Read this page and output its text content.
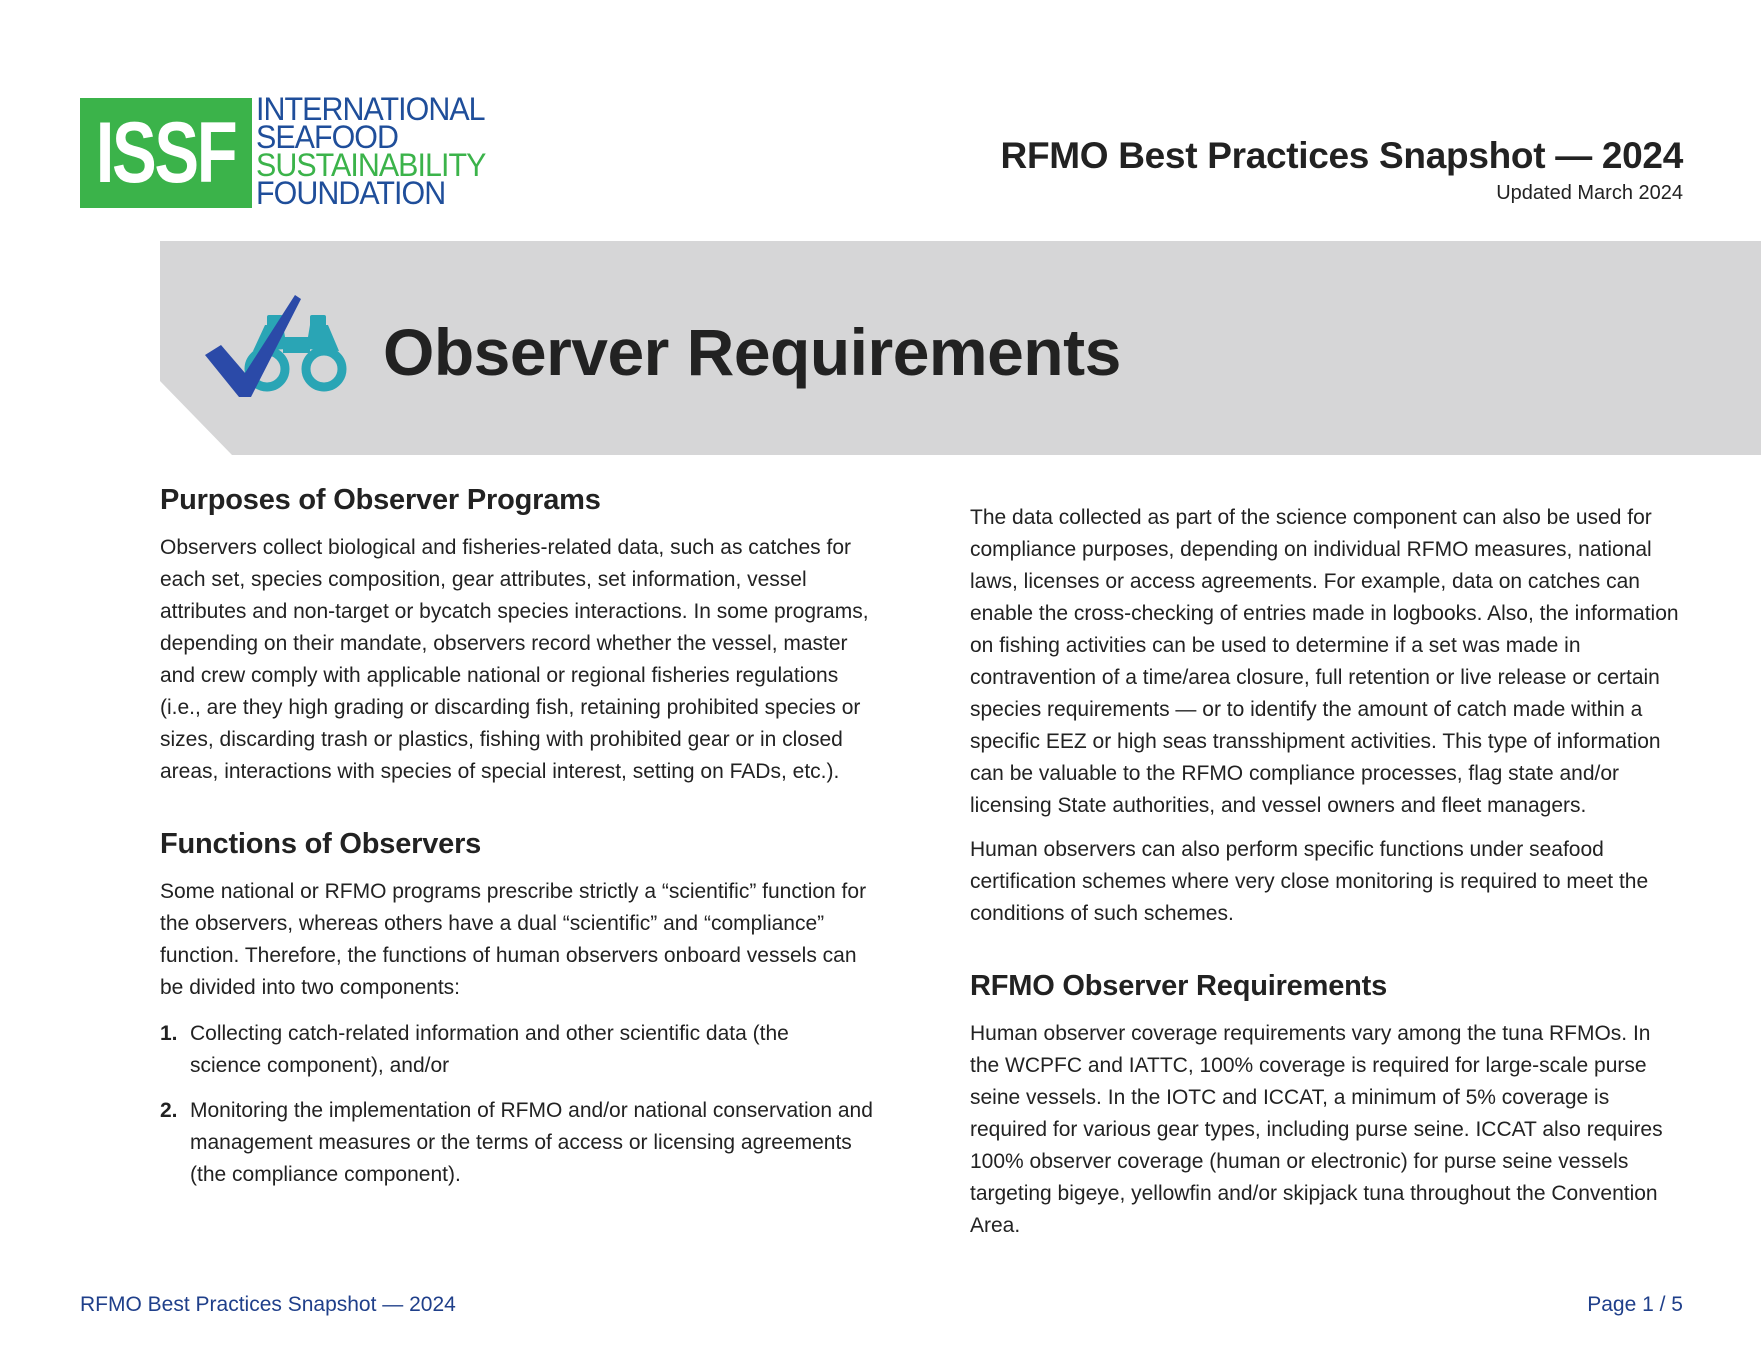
ISSF INTERNATIONAL
SEAFOOD
SUSTAINABILITY
FOUNDATION
RFMO Best Practices Snapshot — 2024
Updated March 2024
Observer Requirements
Purposes of Observer Programs

Observers collect biological and fisheries-related data, such as catches for each set, species composition, gear attributes, set information, vessel attributes and non-target or bycatch species interactions. In some programs, depending on their mandate, observers record whether the vessel, master and crew comply with applicable national or regional fisheries regulations (i.e., are they high grading or discarding fish, retaining prohibited species or sizes, discarding trash or plastics, fishing with prohibited gear or in closed areas, interactions with species of special interest, setting on FADs, etc.).

Functions of Observers

Some national or RFMO programs prescribe strictly a “scientific” function for the observers, whereas others have a dual “scientific” and “compliance” function. Therefore, the functions of human observers onboard vessels can be divided into two components:

1. Collecting catch-related information and other scientific data (the science component), and/or
2. Monitoring the implementation of RFMO and/or national conservation and management measures or the terms of access or licensing agreements (the compliance component).

The data collected as part of the science component can also be used for compliance purposes, depending on individual RFMO measures, national laws, licenses or access agreements. For example, data on catches can enable the cross-checking of entries made in logbooks. Also, the information on fishing activities can be used to determine if a set was made in contravention of a time/area closure, full retention or live release or certain species requirements — or to identify the amount of catch made within a specific EEZ or high seas transshipment activities. This type of information can be valuable to the RFMO compliance processes, flag state and/or licensing State authorities, and vessel owners and fleet managers.

Human observers can also perform specific functions under seafood certification schemes where very close monitoring is required to meet the conditions of such schemes.

RFMO Observer Requirements

Human observer coverage requirements vary among the tuna RFMOs. In the WCPFC and IATTC, 100% coverage is required for large-scale purse seine vessels. In the IOTC and ICCAT, a minimum of 5% coverage is required for various gear types, including purse seine. ICCAT also requires 100% observer coverage (human or electronic) for purse seine vessels targeting bigeye, yellowfin and/or skipjack tuna throughout the Convention Area.

RFMO Best Practices Snapshot — 2024	Page 1 / 5
